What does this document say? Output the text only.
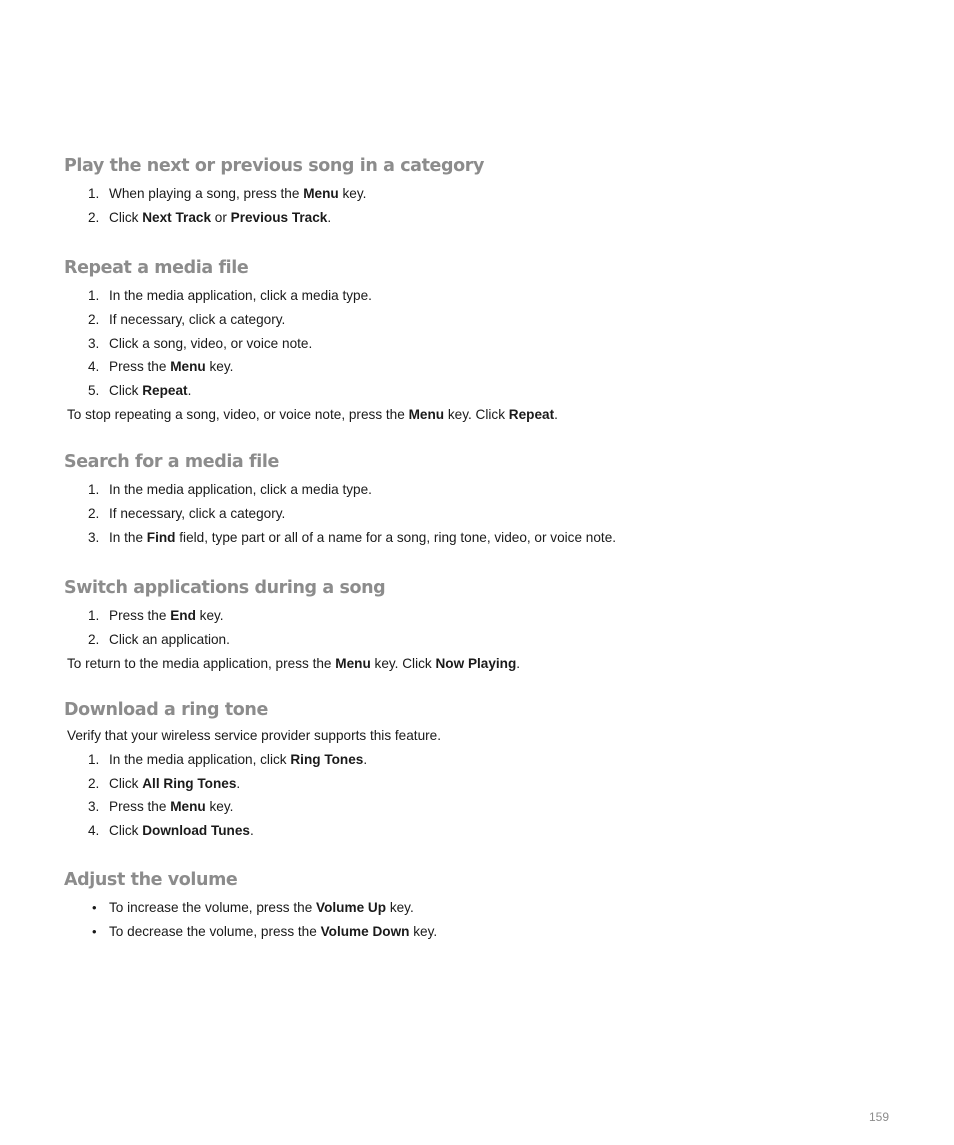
Play the next or previous song in a category
1. When playing a song, press the Menu key.
2. Click Next Track or Previous Track.
Repeat a media file
1. In the media application, click a media type.
2. If necessary, click a category.
3. Click a song, video, or voice note.
4. Press the Menu key.
5. Click Repeat.
To stop repeating a song, video, or voice note, press the Menu key. Click Repeat.
Search for a media file
1. In the media application, click a media type.
2. If necessary, click a category.
3. In the Find field, type part or all of a name for a song, ring tone, video, or voice note.
Switch applications during a song
1. Press the End key.
2. Click an application.
To return to the media application, press the Menu key. Click Now Playing.
Download a ring tone
Verify that your wireless service provider supports this feature.
1. In the media application, click Ring Tones.
2. Click All Ring Tones.
3. Press the Menu key.
4. Click Download Tunes.
Adjust the volume
• To increase the volume, press the Volume Up key.
• To decrease the volume, press the Volume Down key.
159
